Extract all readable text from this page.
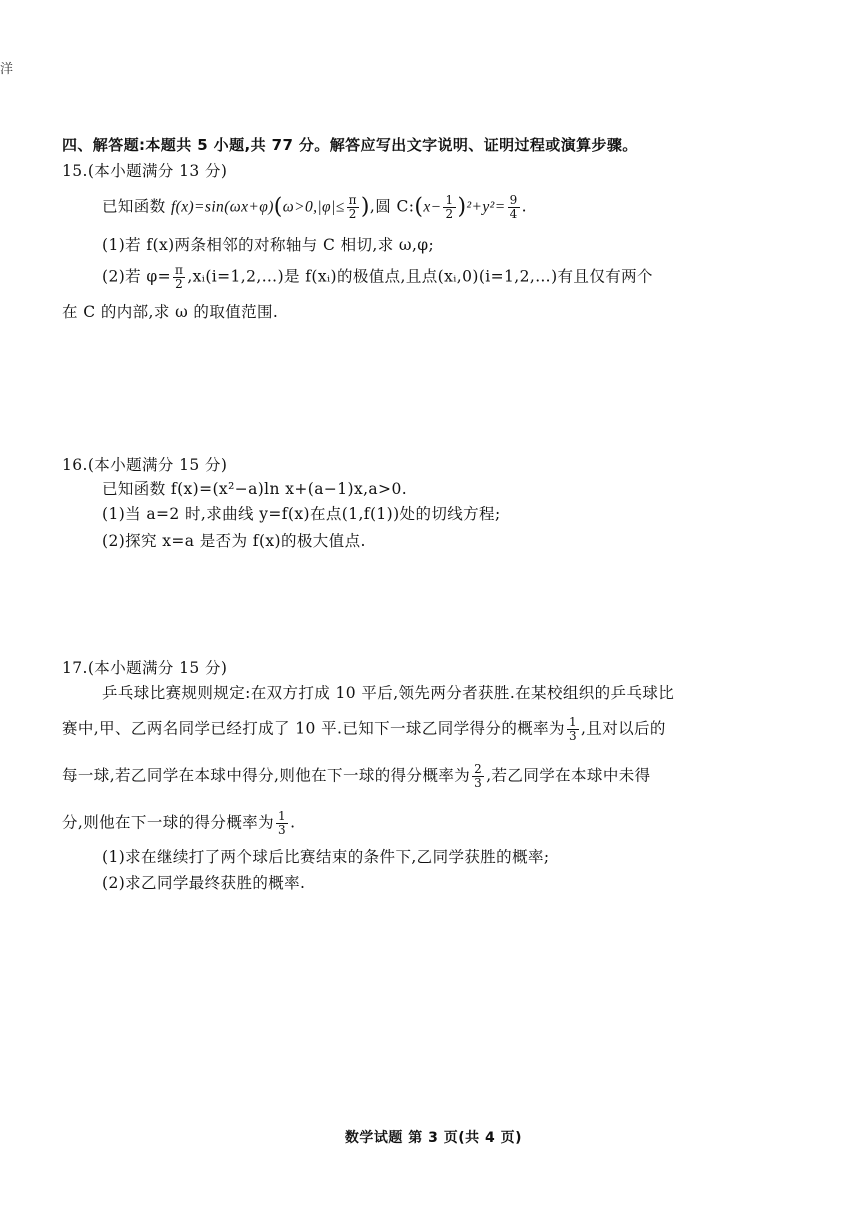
洋
四、解答题:本题共 5 小题,共 77 分。解答应写出文字说明、证明过程或演算步骤。
15.(本小题满分 13 分)
已知函数 $f(x)=\sin(\omega x+\varphi)(\omega>0,|\varphi|\le \frac{\pi}{2}$ ),圆 C:(x− $\frac{1}{2} )^2+y^2= \frac{9}{4}$ .
(1)若 f(x)两条相邻的对称轴与 C 相切,求 ω,φ;
(2)若 $\varphi= \frac{\pi}{2}$ ,xᵢ(i=1,2,…)是 f(xᵢ)的极值点,且点(xᵢ,0)(i=1,2,…)有且仅有两个
在 C 的内部,求 ω 的取值范围.
16.(本小题满分 15 分)
已知函数 f(x)=(x²−a)ln x+(a−1)x,a>0.
(1)当 a=2 时,求曲线 y=f(x)在点(1,f(1))处的切线方程;
(2)探究 x=a 是否为 f(x)的极大值点.
17.(本小题满分 15 分)
乒乓球比赛规则规定:在双方打成 10 平后,领先两分者获胜.在某校组织的乒乓球比
赛中,甲、乙两名同学已经打成了 10 平.已知下一球乙同学得分的概率为 $\frac{1}{3}$ ,且对以后的
每一球,若乙同学在本球中得分,则他在下一球的得分概率为 $\frac{2}{3}$ ,若乙同学在本球中未得
分,则他在下一球的得分概率为 $\frac{1}{3}$ .
(1)求在继续打了两个球后比赛结束的条件下,乙同学获胜的概率;
(2)求乙同学最终获胜的概率.
数学试题 第 3 页(共 4 页)
